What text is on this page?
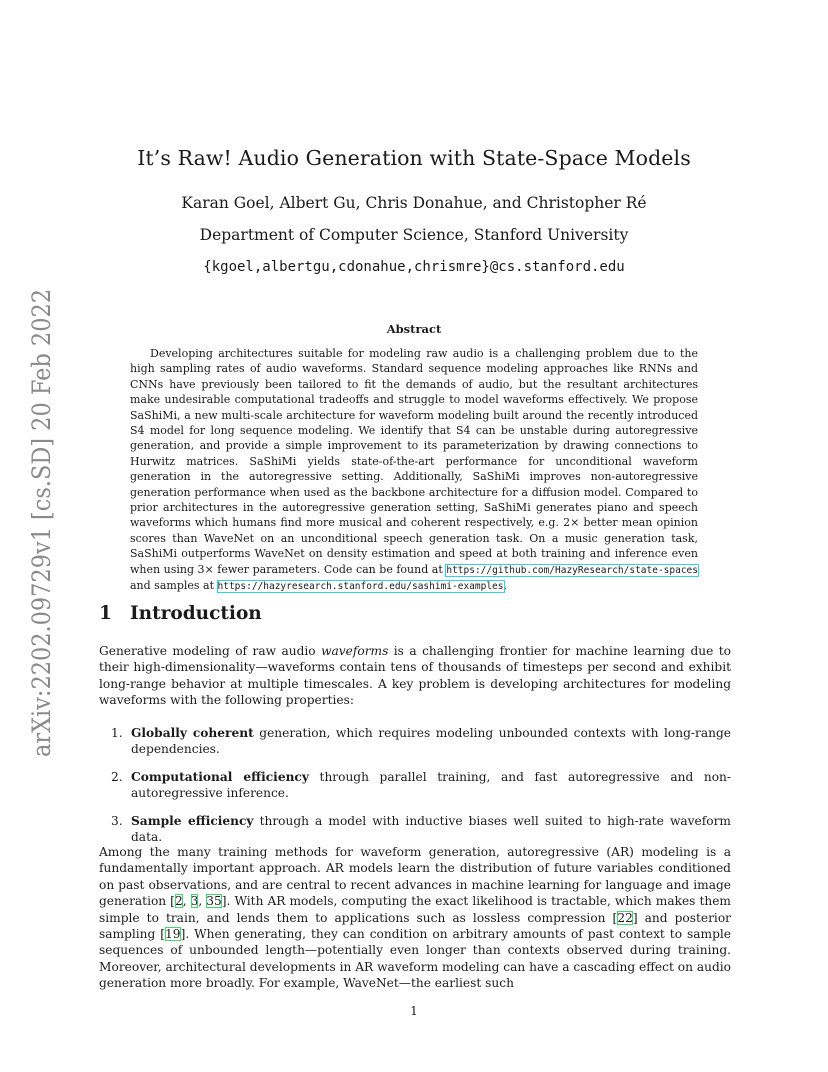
arXiv:2202.09729v1 [cs.SD] 20 Feb 2022
It’s Raw! Audio Generation with State-Space Models
Karan Goel, Albert Gu, Chris Donahue, and Christopher Ré
Department of Computer Science, Stanford University
{kgoel,albertgu,cdonahue,chrismre}@cs.stanford.edu
Abstract

Developing architectures suitable for modeling raw audio is a challenging problem due to the high sampling rates of audio waveforms. Standard sequence modeling approaches like RNNs and CNNs have previously been tailored to fit the demands of audio, but the resultant architectures make undesirable computational tradeoffs and struggle to model waveforms effectively. We propose SaShiMi, a new multi-scale architecture for waveform modeling built around the recently introduced S4 model for long sequence modeling. We identify that S4 can be unstable during autoregressive generation, and provide a simple improvement to its parameterization by drawing connections to Hurwitz matrices. SaShiMi yields state-of-the-art performance for unconditional waveform generation in the autoregressive setting. Additionally, SaShiMi improves non-autoregressive generation performance when used as the backbone architecture for a diffusion model. Compared to prior architectures in the autoregressive generation setting, SaShiMi generates piano and speech waveforms which humans find more musical and coherent respectively, e.g. 2× better mean opinion scores than WaveNet on an unconditional speech generation task. On a music generation task, SaShiMi outperforms WaveNet on density estimation and speed at both training and inference even when using 3× fewer parameters. Code can be found at https://github.com/HazyResearch/state-spaces and samples at https://hazyresearch.stanford.edu/sashimi-examples.

1 Introduction

Generative modeling of raw audio waveforms is a challenging frontier for machine learning due to their high-dimensionality—waveforms contain tens of thousands of timesteps per second and exhibit long-range behavior at multiple timescales. A key problem is developing architectures for modeling waveforms with the following properties:

1. Globally coherent generation, which requires modeling unbounded contexts with long-range dependencies.
2. Computational efficiency through parallel training, and fast autoregressive and non-autoregressive inference.
3. Sample efficiency through a model with inductive biases well suited to high-rate waveform data.

Among the many training methods for waveform generation, autoregressive (AR) modeling is a fundamentally important approach. AR models learn the distribution of future variables conditioned on past observations, and are central to recent advances in machine learning for language and image generation [2, 3, 35]. With AR models, computing the exact likelihood is tractable, which makes them simple to train, and lends them to applications such as lossless compression [22] and posterior sampling [19]. When generating, they can condition on arbitrary amounts of past context to sample sequences of unbounded length—potentially even longer than contexts observed during training. Moreover, architectural developments in AR waveform modeling can have a cascading effect on audio generation more broadly. For example, WaveNet—the earliest such

1
